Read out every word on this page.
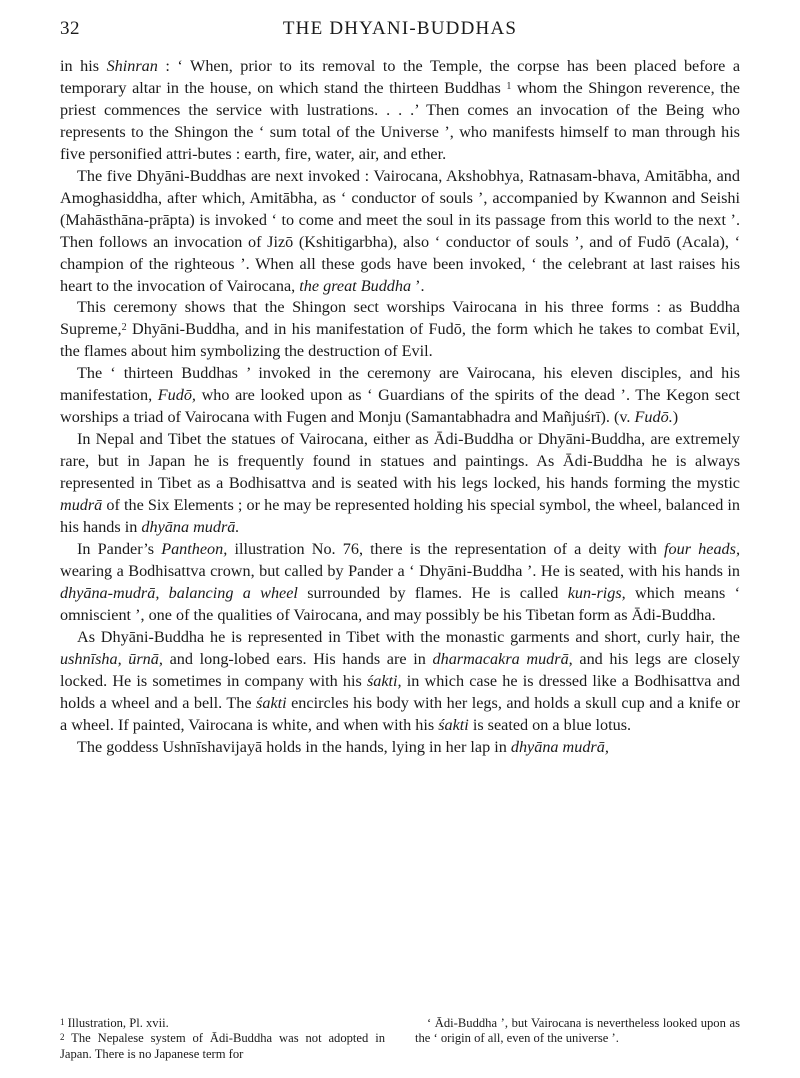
32	THE DHYANI-BUDDHAS

in his Shinran : ‘ When, prior to its removal to the Temple, the corpse has been placed before a temporary altar in the house, on which stand the thirteen Buddhas $^1$ whom the Shingon reverence, the priest commences the service with lustrations. . . .’ Then comes an invocation of the Being who represents to the Shingon the ‘ sum total of the Universe ’, who manifests himself to man through his five personified attri-butes : earth, fire, water, air, and ether.

The five Dhyāni-Buddhas are next invoked : Vairocana, Akshobhya, Ratnasam-bhava, Amitābha, and Amoghasiddha, after which, Amitābha, as ‘ conductor of souls ’, accompanied by Kwannon and Seishi (Mahāsthāna-prāpta) is invoked ‘ to come and meet the soul in its passage from this world to the next ’. Then follows an invocation of Jizō (Kshitigarbha), also ‘ conductor of souls ’, and of Fudō (Acala), ‘ champion of the righteous ’. When all these gods have been invoked, ‘ the celebrant at last raises his heart to the invocation of Vairocana, the great Buddha ’.

This ceremony shows that the Shingon sect worships Vairocana in his three forms : as Buddha Supreme,$^2$ Dhyāni-Buddha, and in his manifestation of Fudō, the form which he takes to combat Evil, the flames about him symbolizing the destruction of Evil.

The ‘ thirteen Buddhas ’ invoked in the ceremony are Vairocana, his eleven disciples, and his manifestation, Fudō, who are looked upon as ‘ Guardians of the spirits of the dead ’. The Kegon sect worships a triad of Vairocana with Fugen and Monju (Samantabhadra and Mañjuśrī). (v. Fudō.)

In Nepal and Tibet the statues of Vairocana, either as Ādi-Buddha or Dhyāni-Buddha, are extremely rare, but in Japan he is frequently found in statues and paintings. As Ādi-Buddha he is always represented in Tibet as a Bodhisattva and is seated with his legs locked, his hands forming the mystic mudrā of the Six Elements ; or he may be represented holding his special symbol, the wheel, balanced in his hands in dhyāna mudrā.

In Pander’s Pantheon, illustration No. 76, there is the representation of a deity with four heads, wearing a Bodhisattva crown, but called by Pander a ‘ Dhyāni-Buddha ’. He is seated, with his hands in dhyāna-mudrā, balancing a wheel surrounded by flames. He is called kun-rigs, which means ‘ omniscient ’, one of the qualities of Vairocana, and may possibly be his Tibetan form as Ādi-Buddha.

As Dhyāni-Buddha he is represented in Tibet with the monastic garments and short, curly hair, the ushnīsha, ūrnā, and long-lobed ears. His hands are in dharmacakra mudrā, and his legs are closely locked. He is sometimes in company with his śakti, in which case he is dressed like a Bodhisattva and holds a wheel and a bell. The śakti encircles his body with her legs, and holds a skull cup and a knife or a wheel. If painted, Vairocana is white, and when with his śakti is seated on a blue lotus.

The goddess Ushnīshavijayā holds in the hands, lying in her lap in dhyāna mudrā,

$^1$ Illustration, Pl. xvii.

$^2$ The Nepalese system of Ādi-Buddha was not adopted in Japan. There is no Japanese term for

‘ Ādi-Buddha ’, but Vairocana is nevertheless looked upon as the ‘ origin of all, even of the universe ’.
